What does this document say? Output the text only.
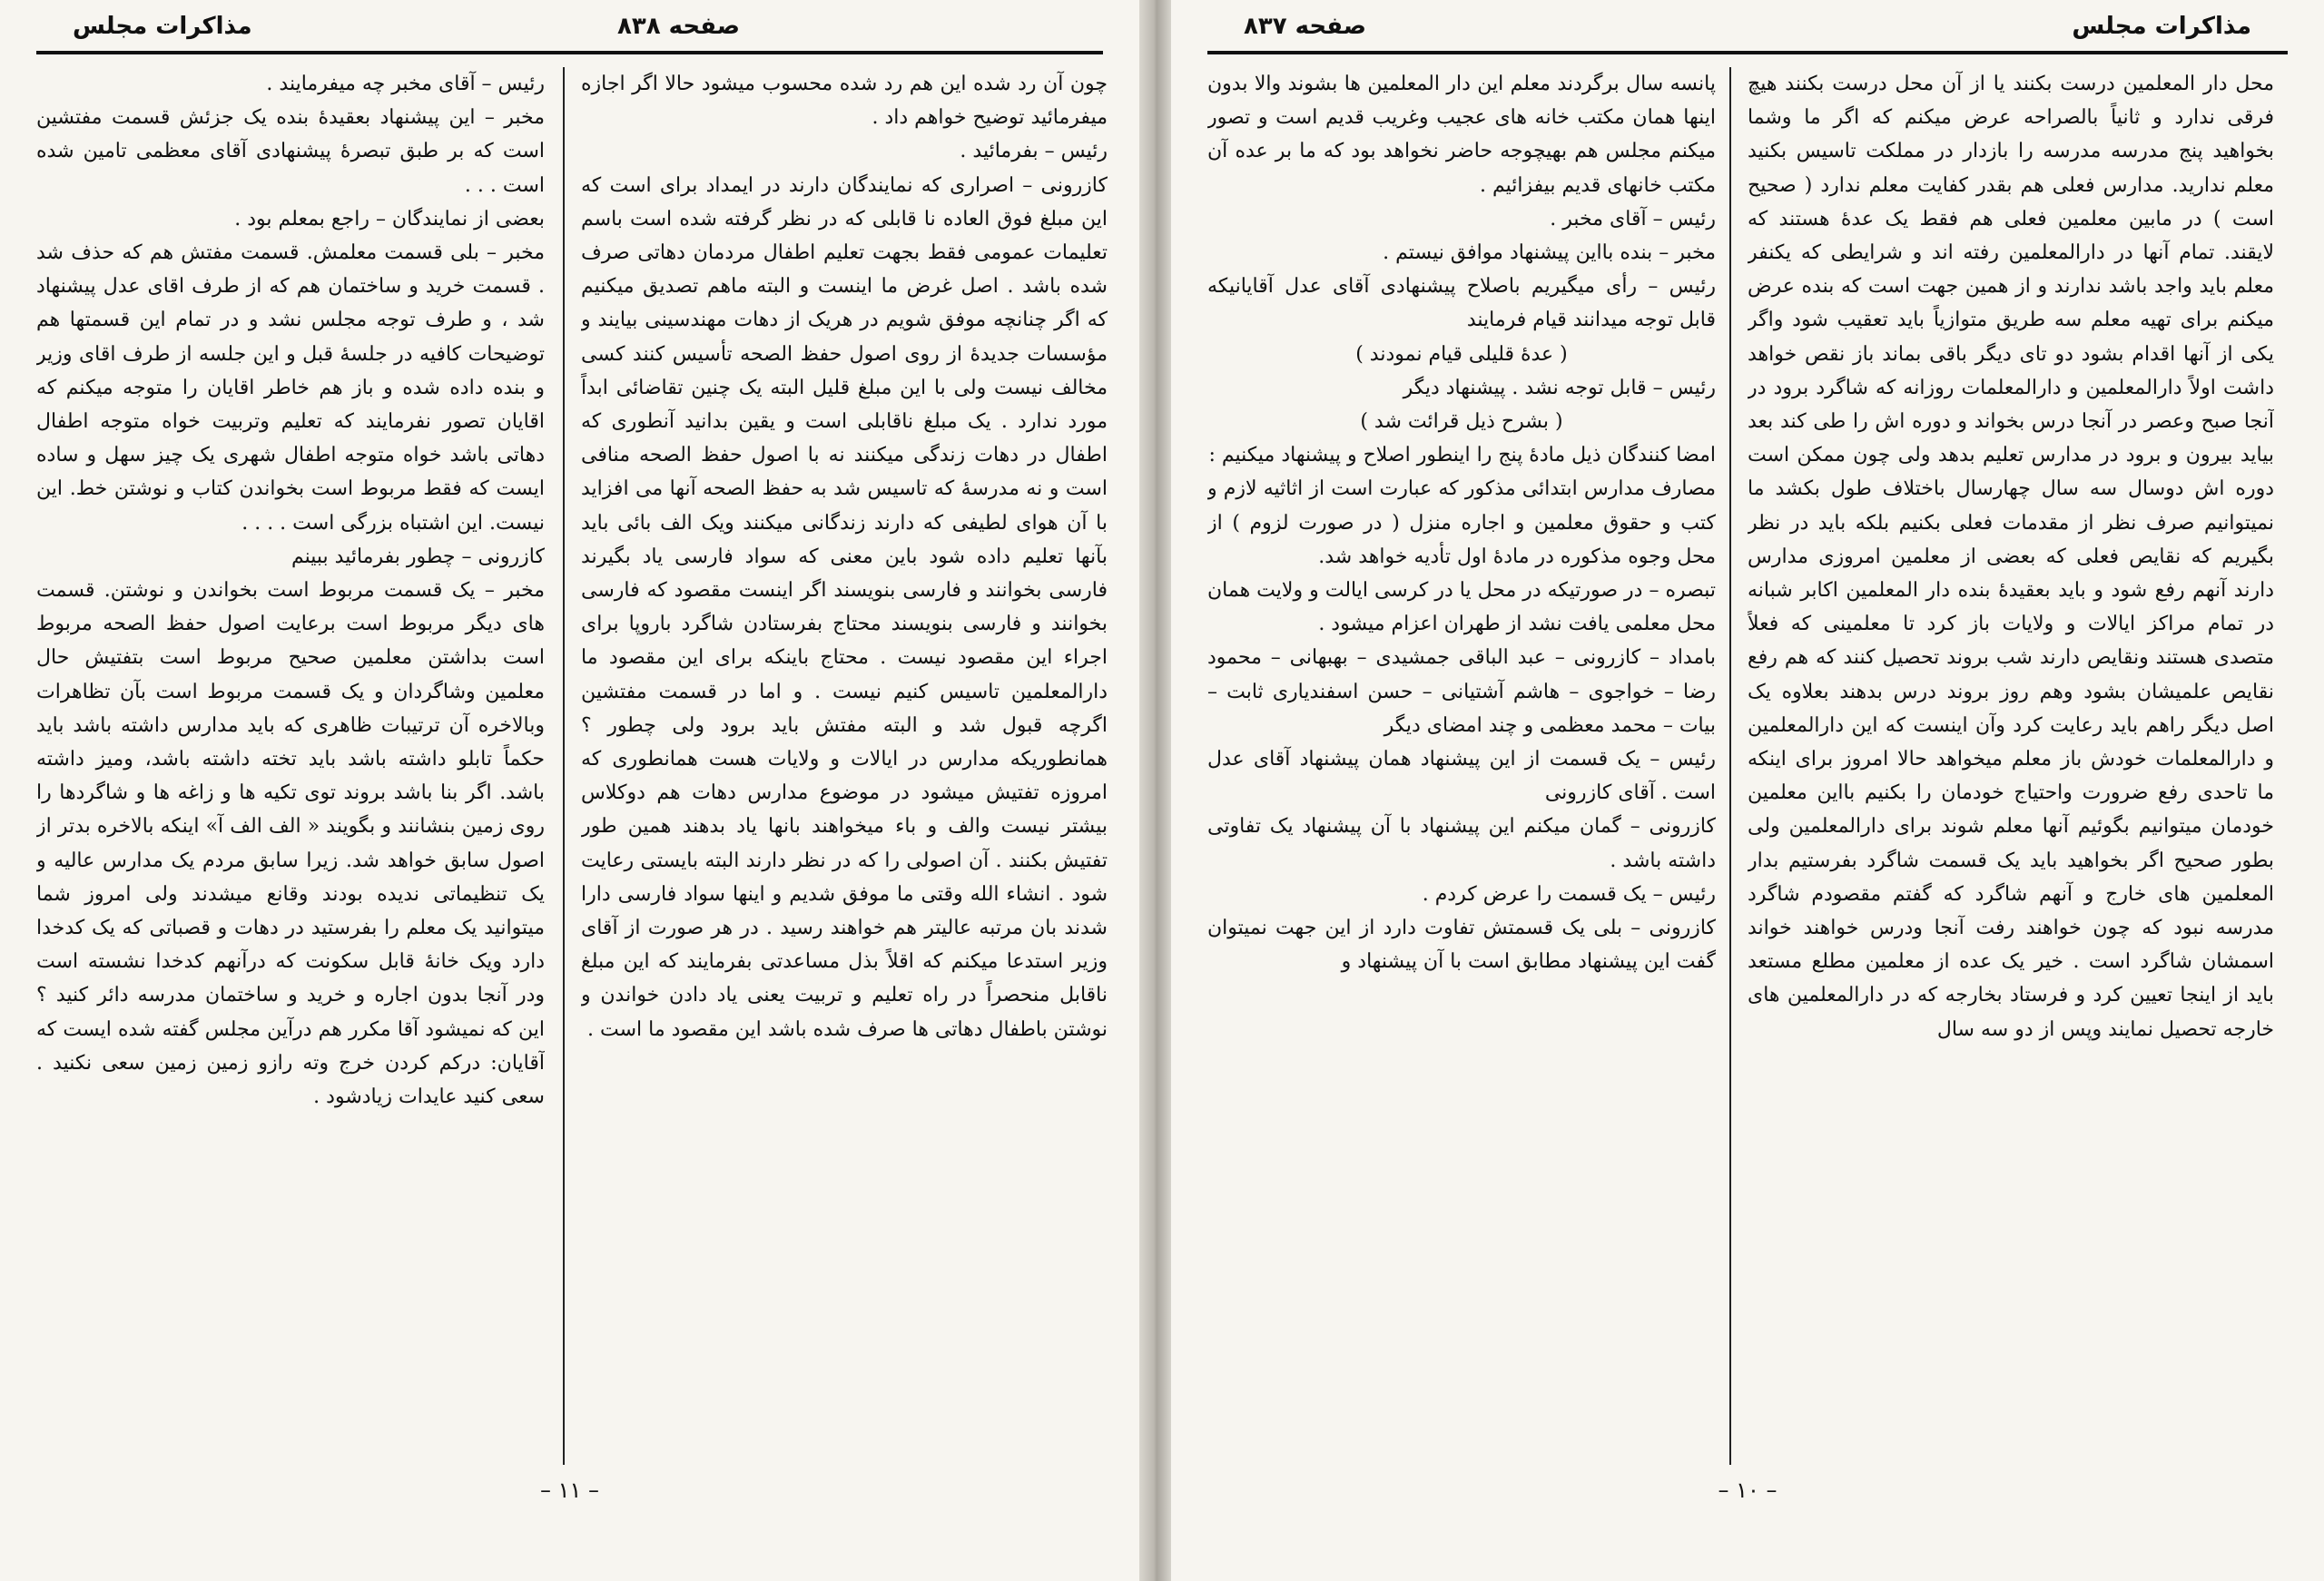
مذاکرات مجلس	صفحه ۸۳۸

رئیس – آقای مخبر چه میفرمایند .

مخبر – این پیشنهاد بعقیدهٔ بنده یک جزئش قسمت مفتشین است که بر طبق تبصرهٔ پیشنهادی آقای معظمی تامین شده است . . .

بعضی از نمایندگان – راجع بمعلم بود .

مخبر – بلی قسمت معلمش. قسمت مفتش هم که حذف شد . قسمت خرید و ساختمان هم که از طرف اقای عدل پیشنهاد شد ، و طرف توجه مجلس نشد و در تمام این قسمتها هم توضیحات کافیه در جلسهٔ قبل و این جلسه از طرف اقای وزیر و بنده داده شده و باز هم خاطر اقایان را متوجه میکنم که اقایان تصور نفرمایند که تعلیم وتربیت خواه متوجه اطفال دهاتی باشد خواه متوجه اطفال شهری یک چیز سهل و ساده ایست که فقط مربوط است بخواندن کتاب و نوشتن خط. این نیست. این اشتباه بزرگی است . . . .

کازرونی – چطور بفرمائید ببینم

مخبر – یک قسمت مربوط است بخواندن و نوشتن. قسمت های دیگر مربوط است برعایت اصول حفظ الصحه مربوط است بداشتن معلمین صحیح مربوط است بتفتیش حال معلمین وشاگردان و یک قسمت مربوط است بآن تظاهرات وبالاخره آن ترتیبات ظاهری که باید مدارس داشته باشد باید حکماً تابلو داشته باشد باید تخته داشته باشد، ومیز داشته باشد. اگر بنا باشد بروند توی تکیه ها و زاغه ها و شاگردها را روی زمین بنشانند و بگویند « الف الف آ» اینکه بالاخره بدتر از اصول سابق خواهد شد. زیرا سابق مردم یک مدارس عالیه و یک تنظیماتی ندیده بودند وقانع میشدند ولی امروز شما میتوانید یک معلم را بفرستید در دهات و قصباتی که یک کدخدا دارد ویک خانهٔ قابل سکونت که درآنهم کدخدا نشسته است ودر آنجا بدون اجاره و خرید و ساختمان مدرسه دائر کنید ؟ این که نمیشود آقا مکرر هم درآین مجلس گفته شده ایست که آقایان: درکم کردن خرج وته رازو زمین زمین سعی نکنید . سعی کنید عایدات زیادشود .

چون آن رد شده این هم رد شده محسوب میشود حالا اگر اجازه میفرمائید توضیح خواهم داد .

رئیس – بفرمائید .

کازرونی – اصراری که نمایندگان دارند در ایمداد برای است که این مبلغ فوق العاده نا قابلی که در نظر گرفته شده است باسم تعلیمات عمومی فقط بجهت تعلیم اطفال مردمان دهاتی صرف شده باشد . اصل غرض ما اینست و البته ماهم تصدیق میکنیم که اگر چنانچه موفق شویم در هریک از دهات مهندسینی بیایند و مؤسسات جدیدهٔ از روی اصول حفظ الصحه تأسیس کنند کسی مخالف نیست ولی با این مبلغ قلیل البته یک چنین تقاضائی ابداً مورد ندارد . یک مبلغ ناقابلی است و یقین بدانید آنطوری که اطفال در دهات زندگی میکنند نه با اصول حفظ الصحه منافی است و نه مدرسهٔ که تاسیس شد به حفظ الصحه آنها می افزاید با آن هوای لطیفی که دارند زندگانی میکنند ویک الف بائی باید بآنها تعلیم داده شود باین معنی که سواد فارسی یاد بگیرند فارسی بخوانند و فارسی بنویسند اگر اینست مقصود که فارسی بخوانند و فارسی بنویسند محتاج بفرستادن شاگرد باروپا برای اجراء این مقصود نیست . محتاج باینکه برای این مقصود ما دارالمعلمین تاسیس کنیم نیست . و اما در قسمت مفتشین اگرچه قبول شد و البته مفتش باید برود ولی چطور ؟ همانطوریکه مدارس در ایالات و ولایات هست همانطوری که امروزه تفتیش میشود در موضوع مدارس دهات هم دوکلاس بیشتر نیست والف و باء میخواهند بانها یاد بدهند همین طور تفتیش بکنند . آن اصولی را که در نظر دارند البته بایستی رعایت شود . انشاء الله وقتی ما موفق شدیم و اینها سواد فارسی دارا شدند بان مرتبه عالیتر هم خواهند رسید . در هر صورت از آقای وزیر استدعا میکنم که اقلاً بذل مساعدتی بفرمایند که این مبلغ ناقابل منحصراً در راه تعلیم و تربیت یعنی یاد دادن خواندن و نوشتن باطفال دهاتی ها صرف شده باشد این مقصود ما است .

– ۱۱ –
صفحه ۸۳۷	مذاکرات مجلس

پانسه سال برگردند معلم این دار المعلمین ها بشوند والا بدون اینها همان مکتب خانه های عجیب وغریب قدیم است و تصور میکنم مجلس هم بهیچوجه حاضر نخواهد بود که ما بر عده آن مکتب خانهای قدیم بیفزائیم .

رئیس – آقای مخبر .

مخبر – بنده بااین پیشنهاد موافق نیستم .

رئیس – رأی میگیریم باصلاح پیشنهادی آقای عدل آقایانیکه قابل توجه میدانند قیام فرمایند

( عدهٔ قلیلی قیام نمودند )

رئیس – قابل توجه نشد . پیشنهاد دیگر

( بشرح ذیل قرائت شد )

امضا کنندگان ذیل مادهٔ پنج را اینطور اصلاح و پیشنهاد میکنیم :

مصارف مدارس ابتدائی مذکور که عبارت است از اثاثیه لازم و کتب و حقوق معلمین و اجاره منزل ( در صورت لزوم ) از محل وجوه مذکوره در مادهٔ اول تأدیه خواهد شد.

تبصره – در صورتیکه در محل یا در کرسی ایالت و ولایت همان محل معلمی یافت نشد از طهران اعزام میشود .

بامداد – کازرونی – عبد الباقی جمشیدی – بهبهانی – محمود رضا – خواجوی – هاشم آشتیانی – حسن اسفندیاری ثابت – بیات – محمد معظمی و چند امضای دیگر

رئیس – یک قسمت از این پیشنهاد همان پیشنهاد آقای عدل است . آقای کازرونی

کازرونی – گمان میکنم این پیشنهاد با آن پیشنهاد یک تفاوتی داشته باشد .

رئیس – یک قسمت را عرض کردم .

کازرونی – بلی یک قسمتش تفاوت دارد از این جهت نمیتوان گفت این پیشنهاد مطابق است با آن پیشنهاد و

محل دار المعلمین درست بکنند یا از آن محل درست بکنند هیچ فرقی ندارد و ثانیاً بالصراحه عرض میکنم که اگر ما وشما بخواهید پنج مدرسه مدرسه را بازدار در مملکت تاسیس بکنید معلم ندارید. مدارس فعلی هم بقدر کفایت معلم ندارد ( صحیح است ) در مابین معلمین فعلی هم فقط یک عدهٔ هستند که لایقند. تمام آنها در دارالمعلمین رفته اند و شرایطی که یکنفر معلم باید واجد باشد ندارند و از همین جهت است که بنده عرض میکنم برای تهیه معلم سه طریق متوازیاً باید تعقیب شود واگر یکی از آنها اقدام بشود دو تای دیگر باقی بماند باز نقص خواهد داشت اولاً دارالمعلمین و دارالمعلمات روزانه که شاگرد برود در آنجا صبح وعصر در آنجا درس بخواند و دوره اش را طی کند بعد بیاید بیرون و برود در مدارس تعلیم بدهد ولی چون ممکن است دوره اش دوسال سه سال چهارسال باختلاف طول بکشد ما نمیتوانیم صرف نظر از مقدمات فعلی بکنیم بلکه باید در نظر بگیریم که نقایص فعلی که بعضی از معلمین امروزی مدارس دارند آنهم رفع شود و باید بعقیدهٔ بنده دار المعلمین اکابر شبانه در تمام مراکز ایالات و ولایات باز کرد تا معلمینی که فعلاً متصدی هستند ونقایص دارند شب بروند تحصیل کنند که هم رفع نقایص علمیشان بشود وهم روز بروند درس بدهند بعلاوه یک اصل دیگر راهم باید رعایت کرد وآن اینست که این دارالمعلمین و دارالمعلمات خودش باز معلم میخواهد حالا امروز برای اینکه ما تاحدی رفع ضرورت واحتیاج خودمان را بکنیم بااین معلمین خودمان میتوانیم بگوئیم آنها معلم شوند برای دارالمعلمین ولی بطور صحیح اگر بخواهید باید یک قسمت شاگرد بفرستیم بدار المعلمین های خارج و آنهم شاگرد که گفتم مقصودم شاگرد مدرسه نبود که چون خواهند رفت آنجا ودرس خواهند خواند اسمشان شاگرد است . خیر یک عده از معلمین مطلع مستعد باید از اینجا تعیین کرد و فرستاد بخارجه که در دارالمعلمین های خارجه تحصیل نمایند وپس از دو سه سال

– ۱۰ –
